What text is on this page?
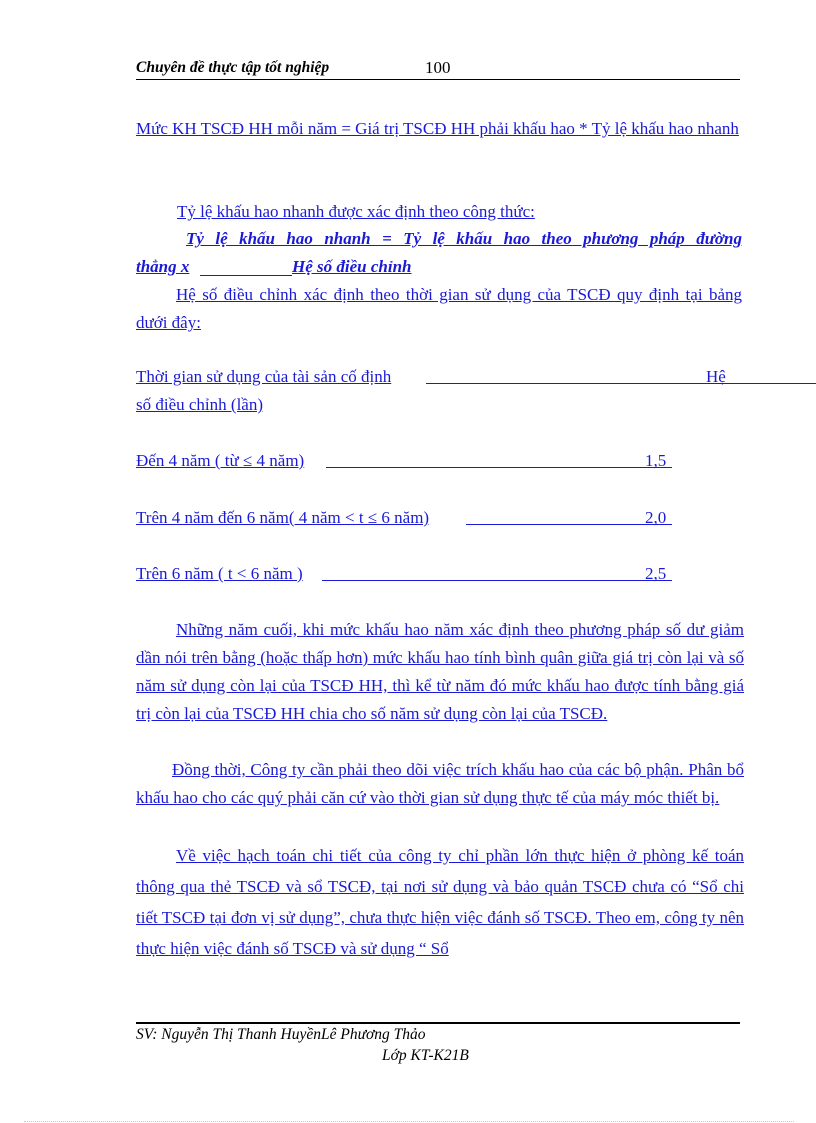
Chuyên đề thực tập tốt nghiệp	100

Mức KH TSCĐ HH mỗi năm = Giá trị TSCĐ HH phải khấu hao * Tỷ lệ khấu hao nhanh

Tỷ lệ khấu hao nhanh được xác định theo công thức:

Tỷ lệ khấu hao nhanh = Tỷ lệ khấu hao theo phương pháp đường

thẳng x	Hệ số điều chỉnh

Hệ số điều chỉnh xác định theo thời gian sử dụng của TSCĐ quy định tại bảng dưới đây:

Thời gian sử dụng của tài sản cố định	Hệ
số điều chỉnh (lần)
Đến 4 năm ( từ ≤ 4 năm)	1,5
Trên 4 năm đến 6 năm( 4 năm < t ≤ 6 năm)	2,0
Trên 6 năm ( t < 6 năm )	2,5

Những năm cuối, khi mức khấu hao năm xác định theo phương pháp số dư giảm dần nói trên bằng (hoặc thấp hơn) mức khấu hao tính bình quân giữa giá trị còn lại và số năm sử dụng còn lại của TSCĐ HH, thì kể từ năm đó mức khấu hao được tính bằng giá trị còn lại của TSCĐ HH chia cho số năm sử dụng còn lại của TSCĐ.

Đồng thời, Công ty cần phải theo dõi việc trích khấu hao của các bộ phận. Phân bổ khấu hao cho các quý phải căn cứ vào thời gian sử dụng thực tế của máy móc thiết bị.

Về việc hạch toán chi tiết của công ty chỉ phần lớn thực hiện ở phòng kế toán thông qua thẻ TSCĐ và sổ TSCĐ, tại nơi sử dụng và bảo quản TSCĐ chưa có “Sổ chi tiết TSCĐ tại đơn vị sử dụng”, chưa thực hiện việc đánh số TSCĐ. Theo em, công ty nên thực hiện việc đánh số TSCĐ và sử dụng “ Sổ

SV: Nguyễn Thị Thanh HuyềnLê Phương Thảo
Lớp KT-K21B
